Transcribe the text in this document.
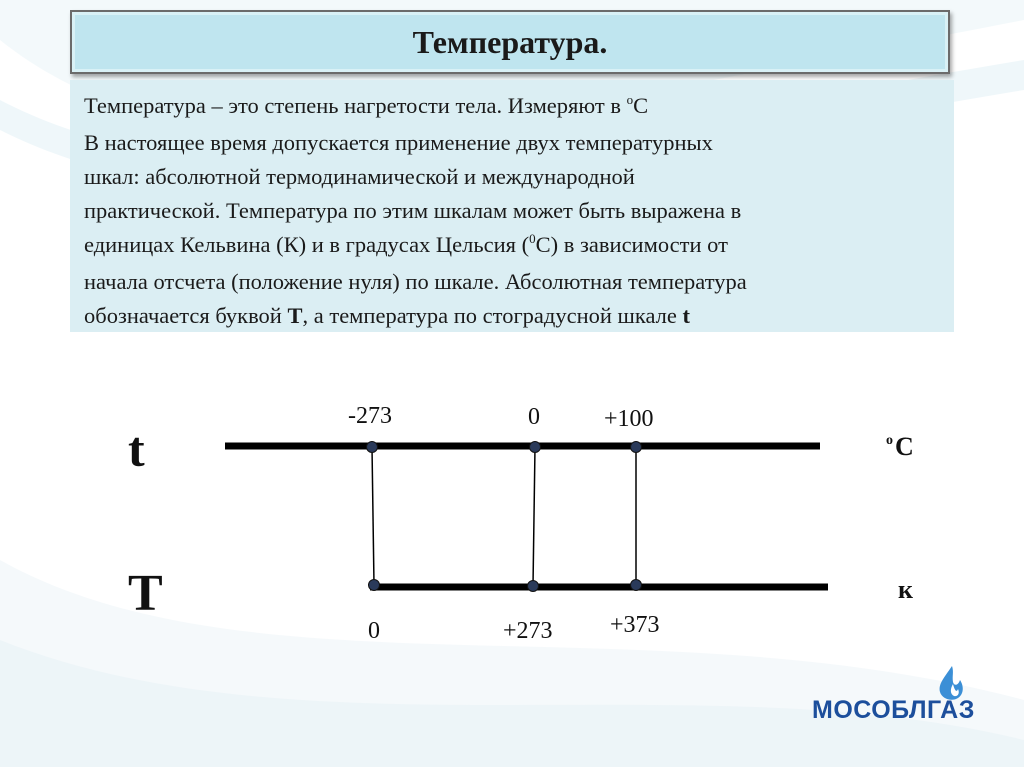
Температура.
Температура – это степень нагретости тела. Измеряют в $^o$С
В настоящее время допускается применение двух температурных
шкал: абсолютной термодинамической и международной
практической. Температура по этим шкалам может быть выражена в
единицах Кельвина (К) и в градусах Цельсия ($^0$С) в зависимости от
начала отсчета (положение нуля) по шкале. Абсолютная температура
обозначается буквой T, а температура по стоградусной шкале t
t
T
-273	0	+100
0	+273 +373
o C
к
МОСОБЛГАЗ
